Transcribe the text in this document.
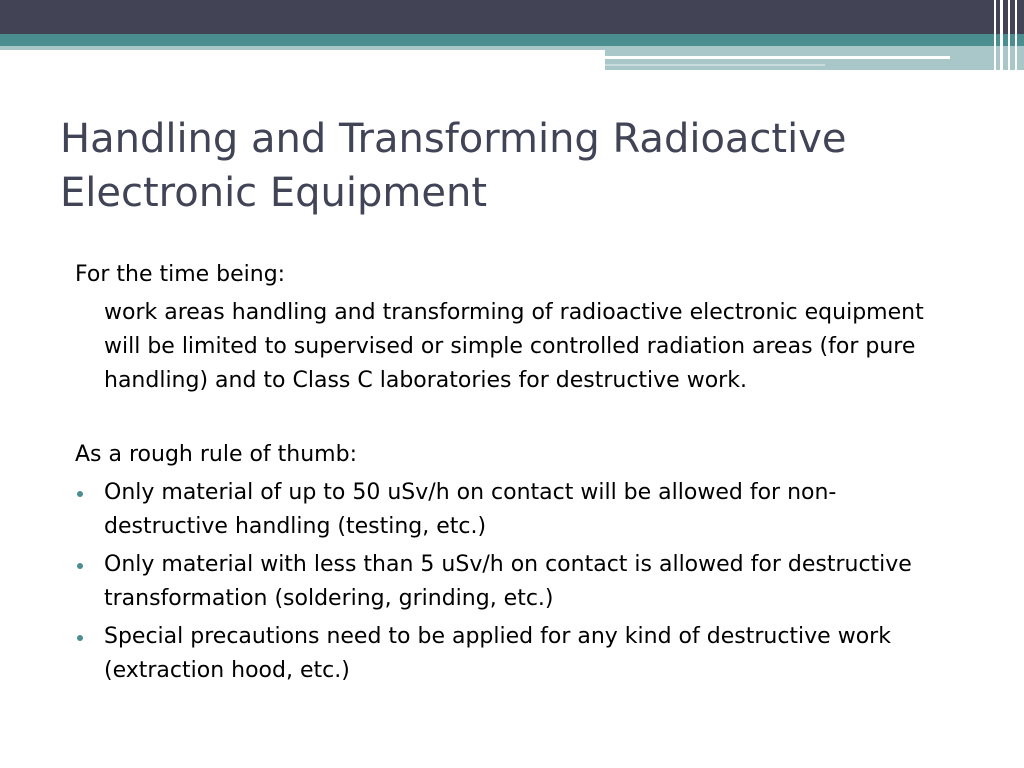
Handling and Transforming Radioactive Electronic Equipment

For the time being:

work areas handling and transforming of radioactive electronic equipment will be limited to supervised or simple controlled radiation areas (for pure handling) and to Class C laboratories for destructive work.

As a rough rule of thumb:

Only material of up to 50 uSv/h on contact will be allowed for non-destructive handling (testing, etc.)
Only material with less than 5 uSv/h on contact is allowed for destructive transformation (soldering, grinding, etc.)
Special precautions need to be applied for any kind of destructive work (extraction hood, etc.)
